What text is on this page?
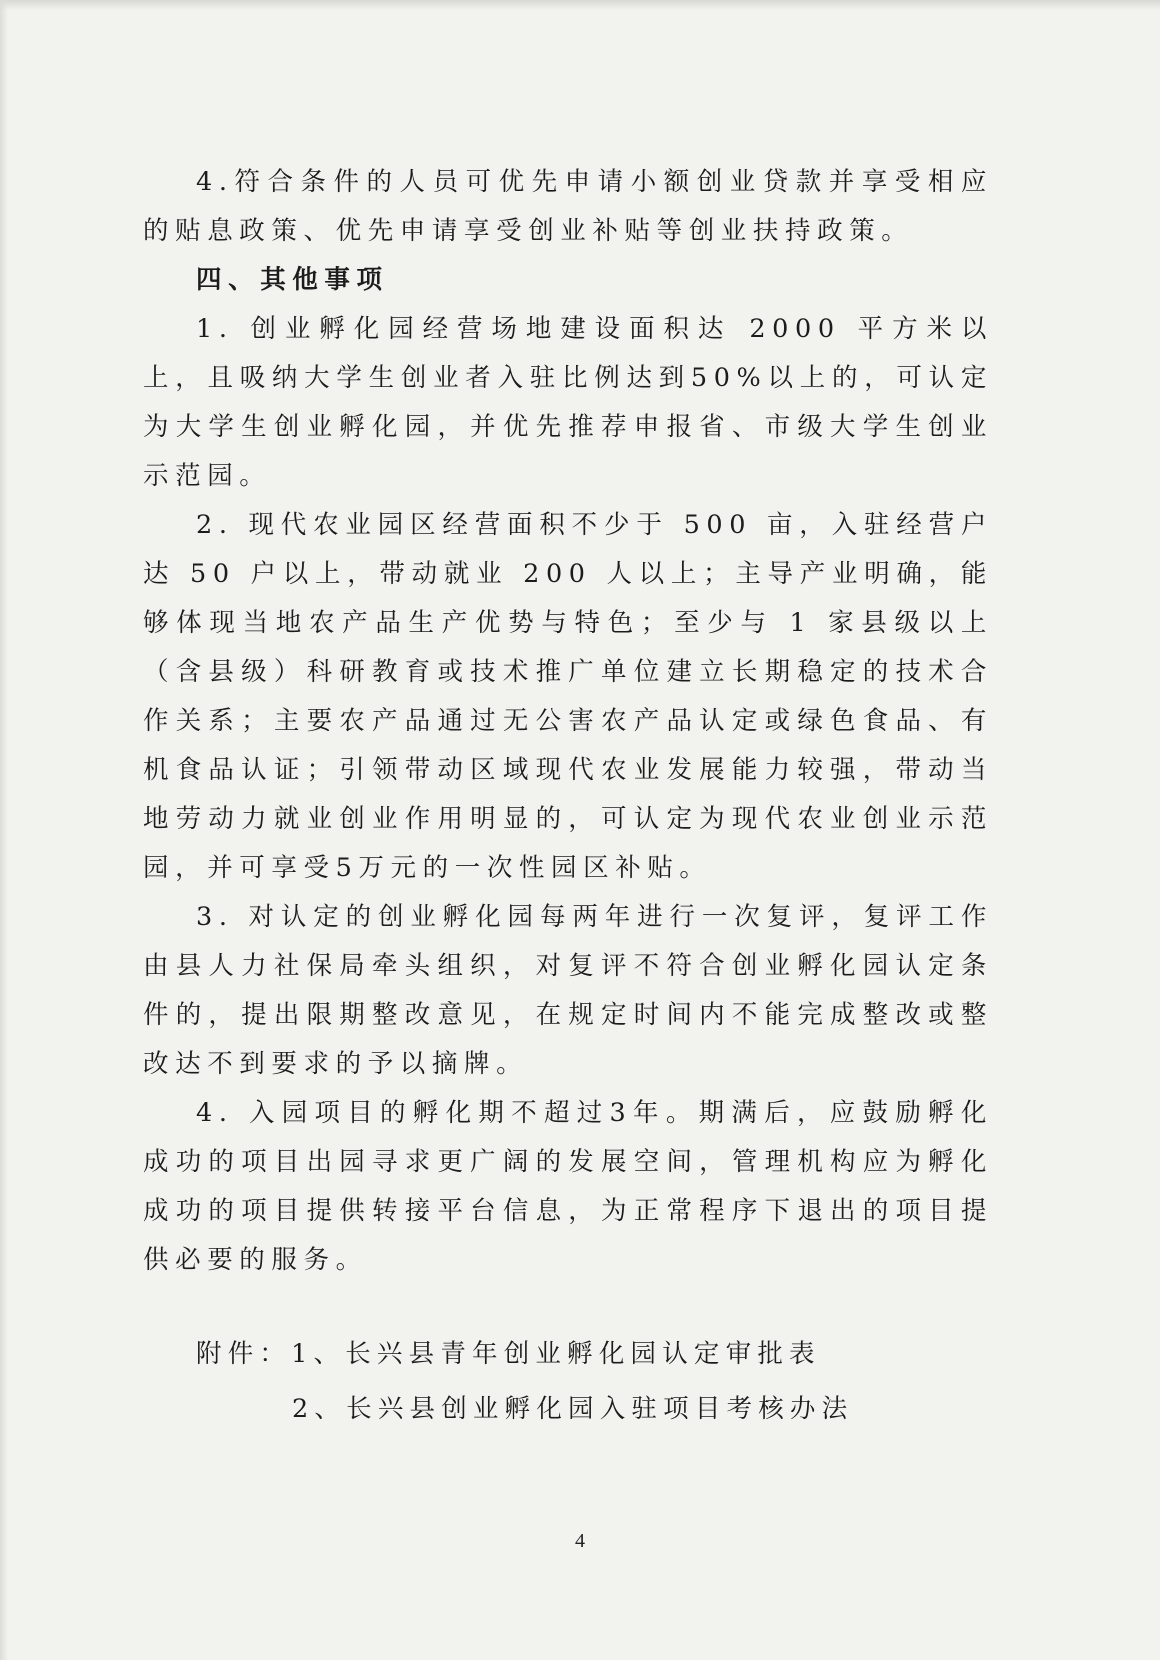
4.符合条件的人员可优先申请小额创业贷款并享受相应的贴息政策、优先申请享受创业补贴等创业扶持政策。

四、其他事项

1. 创业孵化园经营场地建设面积达 2000 平方米以上，且吸纳大学生创业者入驻比例达到50%以上的，可认定为大学生创业孵化园，并优先推荐申报省、市级大学生创业示范园。

2. 现代农业园区经营面积不少于 500 亩，入驻经营户达 50 户以上，带动就业 200 人以上；主导产业明确，能够体现当地农产品生产优势与特色；至少与 1 家县级以上（含县级）科研教育或技术推广单位建立长期稳定的技术合作关系；主要农产品通过无公害农产品认定或绿色食品、有机食品认证；引领带动区域现代农业发展能力较强，带动当地劳动力就业创业作用明显的，可认定为现代农业创业示范园，并可享受5万元的一次性园区补贴。

3. 对认定的创业孵化园每两年进行一次复评，复评工作由县人力社保局牵头组织，对复评不符合创业孵化园认定条件的，提出限期整改意见，在规定时间内不能完成整改或整改达不到要求的予以摘牌。

4. 入园项目的孵化期不超过3年。期满后，应鼓励孵化成功的项目出园寻求更广阔的发展空间，管理机构应为孵化成功的项目提供转接平台信息，为正常程序下退出的项目提供必要的服务。

附件：1、长兴县青年创业孵化园认定审批表

2、长兴县创业孵化园入驻项目考核办法

4
